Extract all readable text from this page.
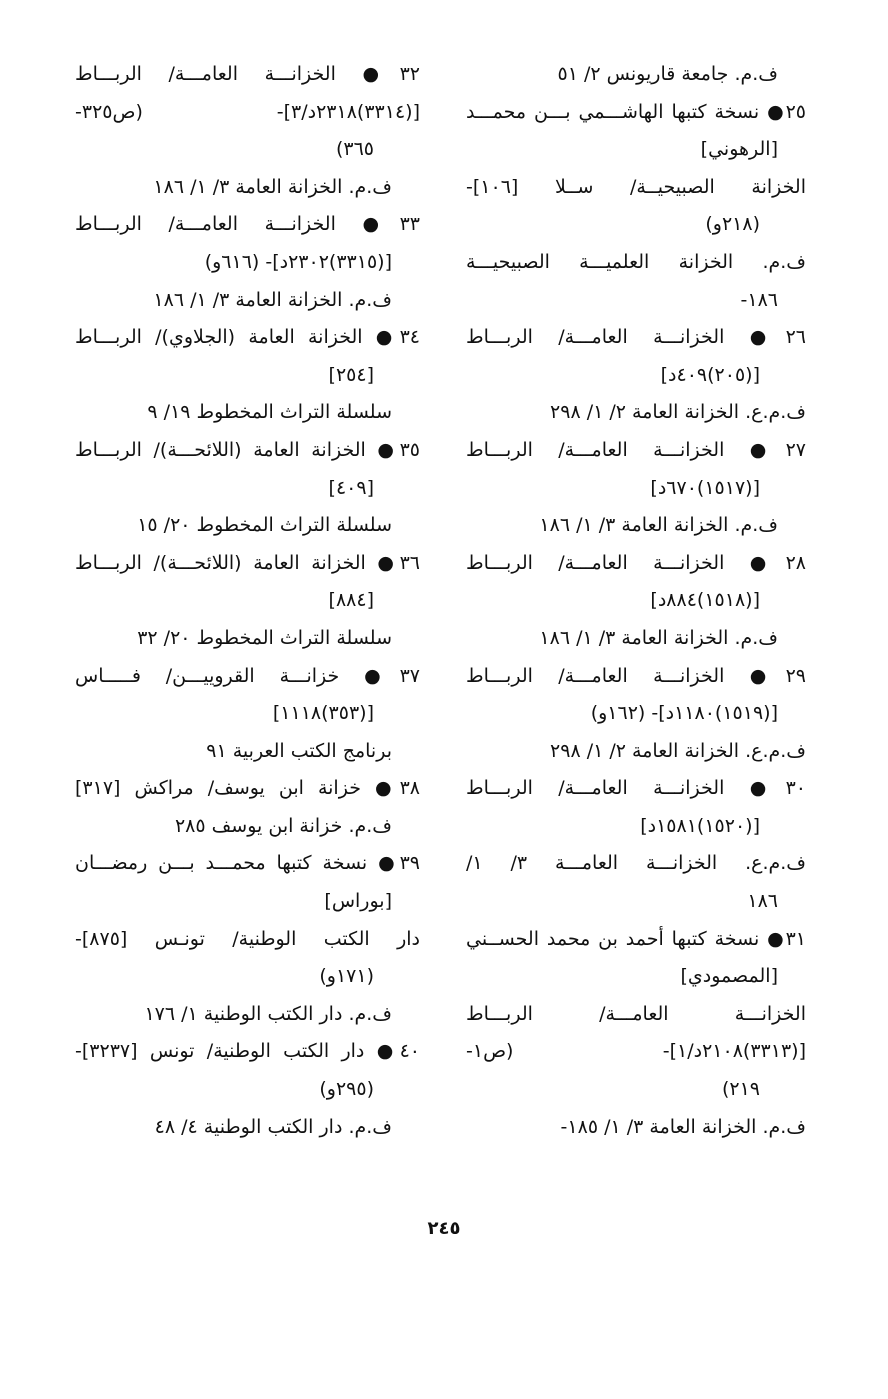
ف.م. جامعة قاريونس ٢/ ٥١
٢٥● نسخة كتبها الهاشـــمي بـــن محمـــد
[الرهوني]
الخزانة الصبيحيــة/ ســلا [١٠٦]-
(٢١٨و)
ف.م. الخزانة العلميـــة الصبيحيـــة
١٨٦-
٢٦● الخزانـــة العامـــة/ الربـــاط
[(٢٠٥)٤٠٩د]
ف.م.ع. الخزانة العامة ٢/ ١/ ٢٩٨
٢٧● الخزانـــة العامـــة/ الربـــاط
[(١٥١٧)٦٧٠د]
ف.م. الخزانة العامة ٣/ ١/ ١٨٦
٢٨● الخزانـــة العامـــة/ الربـــاط
[(١٥١٨)٨٨٤د]
ف.م. الخزانة العامة ٣/ ١/ ١٨٦
٢٩● الخزانـــة العامـــة/ الربـــاط
[(١٥١٩)١١٨٠د]- (١٦٢و)
ف.م.ع. الخزانة العامة ٢/ ١/ ٢٩٨
٣٠● الخزانـــة العامـــة/ الربـــاط
[(١٥٢٠)١٥٨١د]
ف.م.ع. الخزانـــة العامـــة ٣/ ١/
١٨٦
٣١● نسخة كتبها أحمد بن محمد الحســني
[المصمودي]
الخزانـــة العامـــة/ الربـــاط
[(٣٣١٣)٢١٠٨د/١]- (ص١-
٢١٩)
ف.م. الخزانة العامة ٣/ ١/ ١٨٥-
٣٢● الخزانـــة العامـــة/ الربـــاط
[(٣٣١٤)٢٣١٨د/٣]- (ص٣٢٥-
٣٦٥)
ف.م. الخزانة العامة ٣/ ١/ ١٨٦
٣٣● الخزانـــة العامـــة/ الربـــاط
[(٣٣١٥)٢٣٠٢د]- (٦١٦و)
ف.م. الخزانة العامة ٣/ ١/ ١٨٦
٣٤● الخزانة العامة (الجلاوي)/ الربـــاط
[٢٥٤]
سلسلة التراث المخطوط ١٩/ ٩
٣٥● الخزانة العامة (اللائحـــة)/ الربـــاط
[٤٠٩]
سلسلة التراث المخطوط ٢٠/ ١٥
٣٦● الخزانة العامة (اللائحـــة)/ الربـــاط
[٨٨٤]
سلسلة التراث المخطوط ٢٠/ ٣٢
٣٧● خزانـــة القروييـــن/ فـــــاس
[(٣٥٣)١١١٨]
برنامج الكتب العربية ٩١
٣٨● خزانة ابن يوسف/ مراكش [٣١٧]
ف.م. خزانة ابن يوسف ٢٨٥
٣٩● نسخة كتبها محمـــد بـــن رمضـــان
[بوراس]
دار الكتب الوطنية/ تونـس [٨٧٥]-
(١٧١و)
ف.م. دار الكتب الوطنية ١/ ١٧٦
٤٠● دار الكتب الوطنية/ تونس [٣٢٣٧]-
(٢٩٥و)
ف.م. دار الكتب الوطنية ٤/ ٤٨
٢٤٥
